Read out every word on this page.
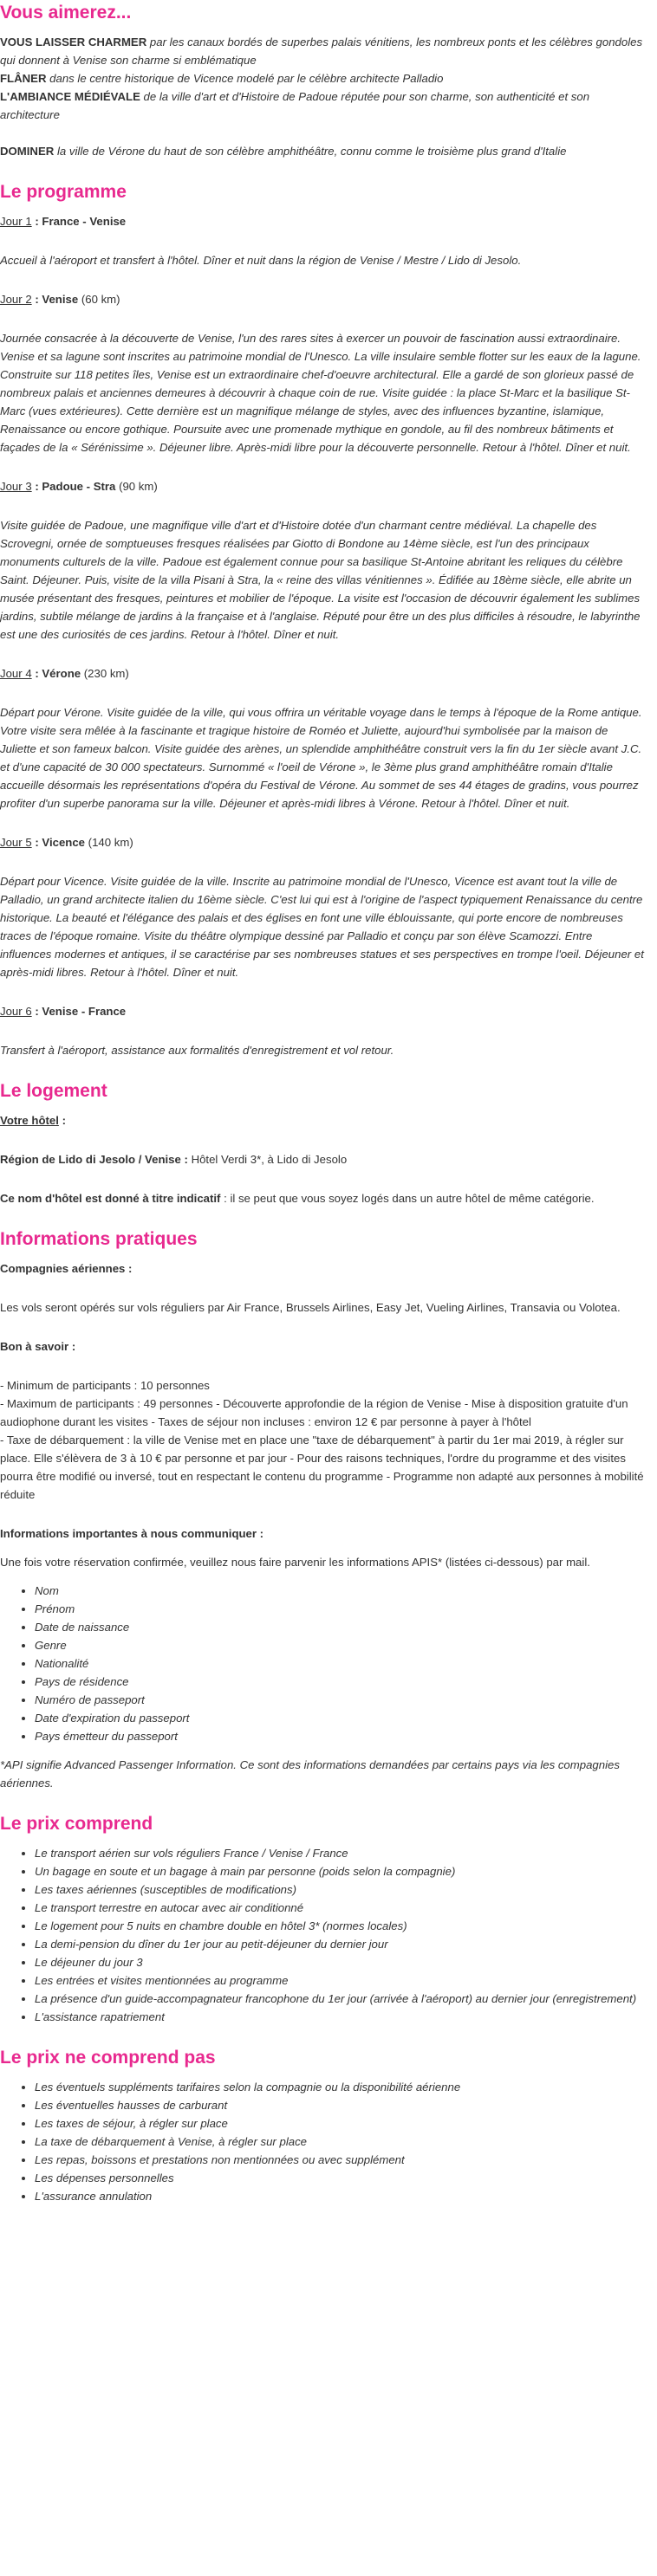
Vous aimerez...

VOUS LAISSER CHARMER par les canaux bordés de superbes palais vénitiens, les nombreux ponts et les célèbres gondoles qui donnent à Venise son charme si emblématique
FLÂNER dans le centre historique de Vicence modelé par le célèbre architecte Palladio
L'AMBIANCE MÉDIÉVALE de la ville d'art et d'Histoire de Padoue réputée pour son charme, son authenticité et son architecture

DOMINER la ville de Vérone du haut de son célèbre amphithéâtre, connu comme le troisième plus grand d'Italie

Le programme

Jour 1 : France - Venise

Accueil à l'aéroport et transfert à l'hôtel. Dîner et nuit dans la région de Venise / Mestre / Lido di Jesolo.

Jour 2 : Venise (60 km)

Journée consacrée à la découverte de Venise, l'un des rares sites à exercer un pouvoir de fascination aussi extraordinaire. Venise et sa lagune sont inscrites au patrimoine mondial de l'Unesco. La ville insulaire semble flotter sur les eaux de la lagune. Construite sur 118 petites îles, Venise est un extraordinaire chef-d'oeuvre architectural. Elle a gardé de son glorieux passé de nombreux palais et anciennes demeures à découvrir à chaque coin de rue. Visite guidée : la place St-Marc et la basilique St-Marc (vues extérieures). Cette dernière est un magnifique mélange de styles, avec des influences byzantine, islamique, Renaissance ou encore gothique. Poursuite avec une promenade mythique en gondole, au fil des nombreux bâtiments et façades de la « Sérénissime ». Déjeuner libre. Après-midi libre pour la découverte personnelle. Retour à l'hôtel. Dîner et nuit.

Jour 3 : Padoue - Stra (90 km)

Visite guidée de Padoue, une magnifique ville d'art et d'Histoire dotée d'un charmant centre médiéval. La chapelle des Scrovegni, ornée de somptueuses fresques réalisées par Giotto di Bondone au 14ème siècle, est l'un des principaux monuments culturels de la ville. Padoue est également connue pour sa basilique St-Antoine abritant les reliques du célèbre Saint. Déjeuner. Puis, visite de la villa Pisani à Stra, la « reine des villas vénitiennes ». Édifiée au 18ème siècle, elle abrite un musée présentant des fresques, peintures et mobilier de l'époque. La visite est l'occasion de découvrir également les sublimes jardins, subtile mélange de jardins à la française et à l'anglaise. Réputé pour être un des plus difficiles à résoudre, le labyrinthe est une des curiosités de ces jardins. Retour à l'hôtel. Dîner et nuit.

Jour 4 : Vérone (230 km)

Départ pour Vérone. Visite guidée de la ville, qui vous offrira un véritable voyage dans le temps à l'époque de la Rome antique. Votre visite sera mêlée à la fascinante et tragique histoire de Roméo et Juliette, aujourd'hui symbolisée par la maison de Juliette et son fameux balcon. Visite guidée des arènes, un splendide amphithéâtre construit vers la fin du 1er siècle avant J.C. et d'une capacité de 30 000 spectateurs. Surnommé « l'oeil de Vérone », le 3ème plus grand amphithéâtre romain d'Italie accueille désormais les représentations d'opéra du Festival de Vérone. Au sommet de ses 44 étages de gradins, vous pourrez profiter d'un superbe panorama sur la ville. Déjeuner et après-midi libres à Vérone. Retour à l'hôtel. Dîner et nuit.

Jour 5 : Vicence (140 km)

Départ pour Vicence. Visite guidée de la ville. Inscrite au patrimoine mondial de l'Unesco, Vicence est avant tout la ville de Palladio, un grand architecte italien du 16ème siècle. C'est lui qui est à l'origine de l'aspect typiquement Renaissance du centre historique. La beauté et l'élégance des palais et des églises en font une ville éblouissante, qui porte encore de nombreuses traces de l'époque romaine. Visite du théâtre olympique dessiné par Palladio et conçu par son élève Scamozzi. Entre influences modernes et antiques, il se caractérise par ses nombreuses statues et ses perspectives en trompe l'oeil. Déjeuner et après-midi libres. Retour à l'hôtel. Dîner et nuit.

Jour 6 : Venise - France

Transfert à l'aéroport, assistance aux formalités d'enregistrement et vol retour.

Le logement

Votre hôtel :

Région de Lido di Jesolo / Venise : Hôtel Verdi 3*, à Lido di Jesolo

Ce nom d'hôtel est donné à titre indicatif : il se peut que vous soyez logés dans un autre hôtel de même catégorie.

Informations pratiques

Compagnies aériennes :

Les vols seront opérés sur vols réguliers par Air France, Brussels Airlines, Easy Jet, Vueling Airlines, Transavia ou Volotea.

Bon à savoir :

- Minimum de participants : 10 personnes
- Maximum de participants : 49 personnes - Découverte approfondie de la région de Venise - Mise à disposition gratuite d'un audiophone durant les visites - Taxes de séjour non incluses : environ 12 € par personne à payer à l'hôtel
- Taxe de débarquement : la ville de Venise met en place une "taxe de débarquement" à partir du 1er mai 2019, à régler sur place. Elle s'élèvera de 3 à 10 € par personne et par jour - Pour des raisons techniques, l'ordre du programme et des visites pourra être modifié ou inversé, tout en respectant le contenu du programme - Programme non adapté aux personnes à mobilité réduite

Informations importantes à nous communiquer :

Une fois votre réservation confirmée, veuillez nous faire parvenir les informations APIS* (listées ci-dessous) par mail.

• Nom
• Prénom
• Date de naissance
• Genre
• Nationalité
• Pays de résidence
• Numéro de passeport
• Date d'expiration du passeport
• Pays émetteur du passeport

*API signifie Advanced Passenger Information. Ce sont des informations demandées par certains pays via les compagnies aériennes.

Le prix comprend
• Le transport aérien sur vols réguliers France / Venise / France
• Un bagage en soute et un bagage à main par personne (poids selon la compagnie)
• Les taxes aériennes (susceptibles de modifications)
• Le transport terrestre en autocar avec air conditionné
• Le logement pour 5 nuits en chambre double en hôtel 3* (normes locales)
• La demi-pension du dîner du 1er jour au petit-déjeuner du dernier jour
• Le déjeuner du jour 3
• Les entrées et visites mentionnées au programme
• La présence d'un guide-accompagnateur francophone du 1er jour (arrivée à l'aéroport) au dernier jour (enregistrement)
• L'assistance rapatriement
Le prix ne comprend pas
• Les éventuels suppléments tarifaires selon la compagnie ou la disponibilité aérienne
• Les éventuelles hausses de carburant
• Les taxes de séjour, à régler sur place
• La taxe de débarquement à Venise, à régler sur place
• Les repas, boissons et prestations non mentionnées ou avec supplément
• Les dépenses personnelles
• L'assurance annulation
